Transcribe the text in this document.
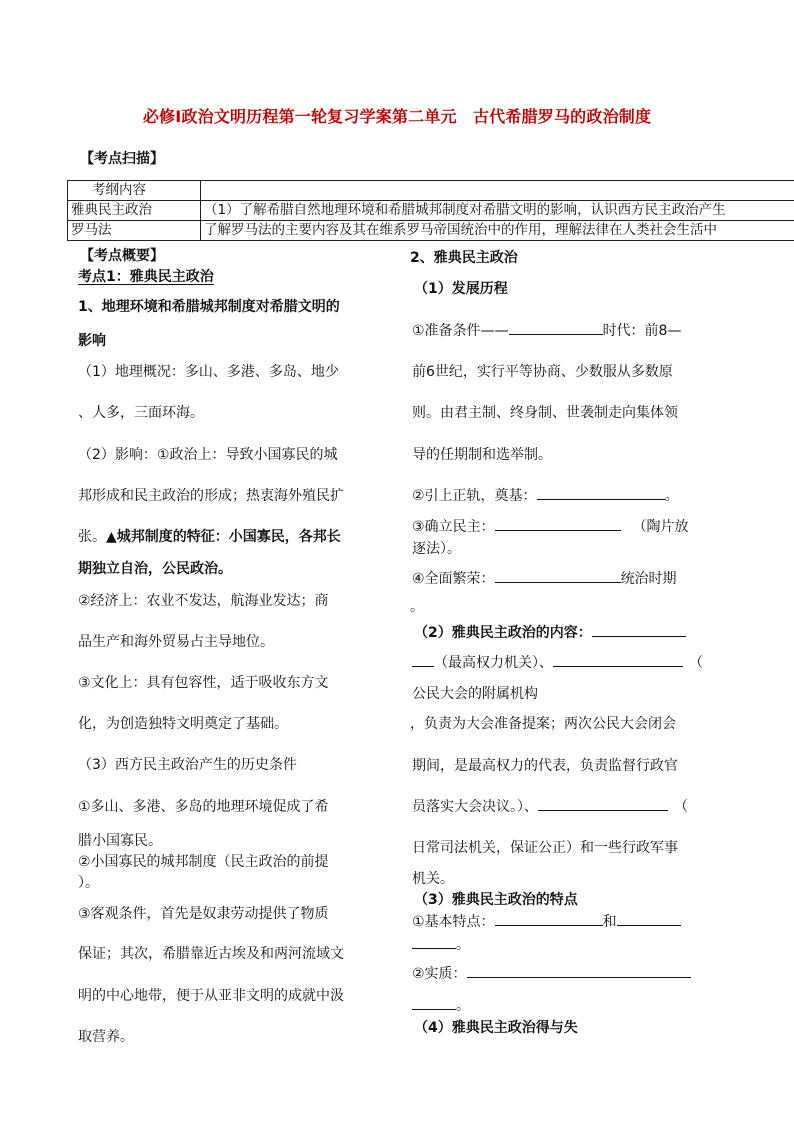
必修Ⅰ政治文明历程第一轮复习学案第二单元　古代希腊罗马的政治制度
【考点扫描】
考纲内容	
雅典民主政治	（1）了解希腊自然地理环境和希腊城邦制度对希腊文明的影响，认识西方民主政治产生
罗马法	了解罗马法的主要内容及其在维系罗马帝国统治中的作用，理解法律在人类社会生活中
【考点概要】
考点1：雅典民主政治
1、地理环境和希腊城邦制度对希腊文明的
影响
（1）地理概况：多山、多港、多岛、地少
、人多，三面环海。
（2）影响：①政治上：导致小国寡民的城
邦形成和民主政治的形成；热衷海外殖民扩
张。▲城邦制度的特征：小国寡民，各邦长
期独立自治，公民政治。
②经济上：农业不发达，航海业发达；商
品生产和海外贸易占主导地位。
③文化上：具有包容性，适于吸收东方文
化，为创造独特文明奠定了基础。
（3）西方民主政治产生的历史条件
①多山、多港、多岛的地理环境促成了希
腊小国寡民。
②小国寡民的城邦制度（民主政治的前提
）。
③客观条件，首先是奴隶劳动提供了物质
保证；其次，希腊靠近古埃及和两河流域文
明的中心地带，便于从亚非文明的成就中汲
取营养。
2、雅典民主政治
（1）发展历程
①准备条件——	时代：前8—
前6世纪，实行平等协商、少数服从多数原
则。由君主制、终身制、世袭制走向集体领
导的任期制和选举制。
②引上正轨，奠基：	。
③确立民主：	（陶片放
逐法）。
④全面繁荣：	统治时期
。
（2）雅典民主政治的内容：
（最高权力机关）、	（
公民大会的附属机构
，负责为大会准备提案；两次公民大会闭会
期间，是最高权力的代表，负责监督行政官
员落实大会决议。）、	（
日常司法机关，保证公正）和一些行政军事
机关。
（3）雅典民主政治的特点
①基本特点：	和
。
②实质：
。
（4）雅典民主政治得与失
